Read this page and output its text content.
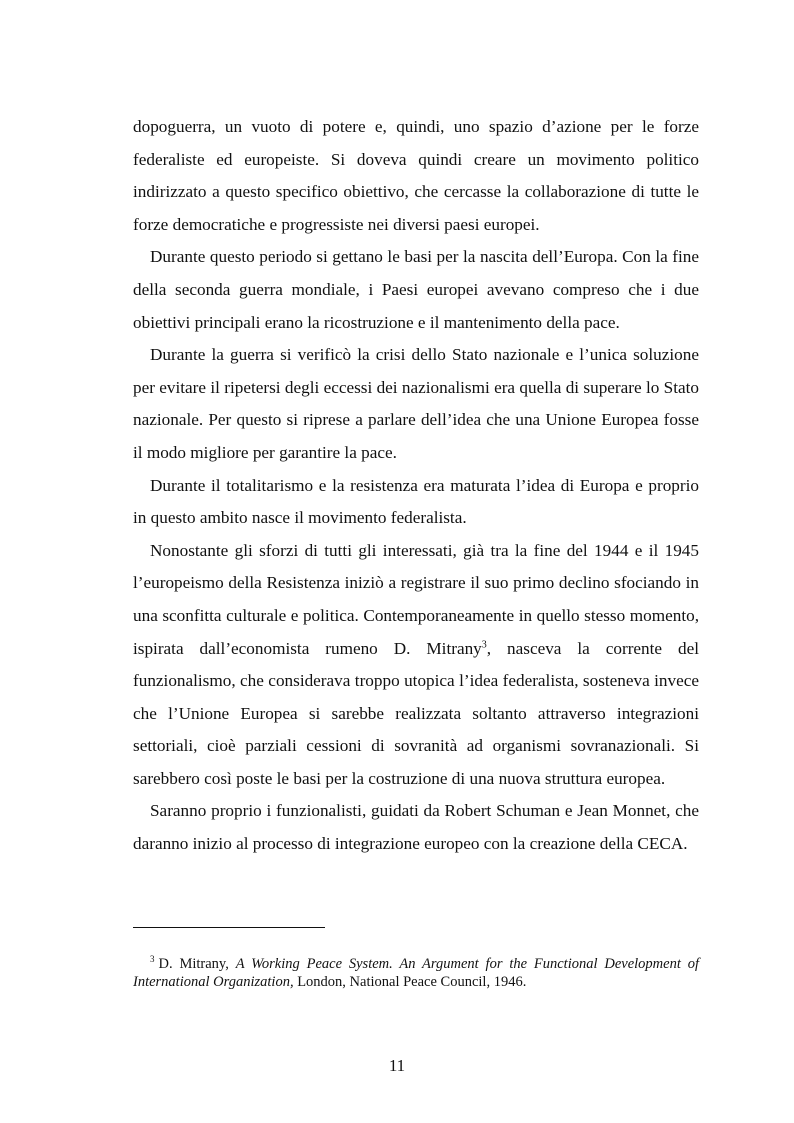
dopoguerra, un vuoto di potere e, quindi, uno spazio d’azione per le forze federaliste ed europeiste. Si doveva quindi creare un movimento politico indirizzato a questo specifico obiettivo, che cercasse la collaborazione di tutte le forze democratiche e progressiste nei diversi paesi europei.

Durante questo periodo si gettano le basi per la nascita dell’Europa. Con la fine della seconda guerra mondiale, i Paesi europei avevano compreso che i due obiettivi principali erano la ricostruzione e il mantenimento della pace.

Durante la guerra si verificò la crisi dello Stato nazionale e l’unica soluzione per evitare il ripetersi degli eccessi dei nazionalismi era quella di superare lo Stato nazionale. Per questo si riprese a parlare dell’idea che una Unione Europea fosse il modo migliore per garantire la pace.

Durante il totalitarismo e la resistenza era maturata l’idea di Europa e proprio in questo ambito nasce il movimento federalista.

Nonostante gli sforzi di tutti gli interessati, già tra la fine del 1944 e il 1945 l’europeismo della Resistenza iniziò a registrare il suo primo declino sfociando in una sconfitta culturale e politica. Contemporaneamente in quello stesso momento, ispirata dall’economista rumeno D. Mitrany$^3$, nasceva la corrente del funzionalismo, che considerava troppo utopica l’idea federalista, sosteneva invece che l’Unione Europea si sarebbe realizzata soltanto attraverso integrazioni settoriali, cioè parziali cessioni di sovranità ad organismi sovranazionali. Si sarebbero così poste le basi per la costruzione di una nuova struttura europea.

Saranno proprio i funzionalisti, guidati da Robert Schuman e Jean Monnet, che daranno inizio al processo di integrazione europeo con la creazione della CECA.

$^3$ D. Mitrany, A Working Peace System. An Argument for the Functional Development of International Organization, London, National Peace Council, 1946.
11
